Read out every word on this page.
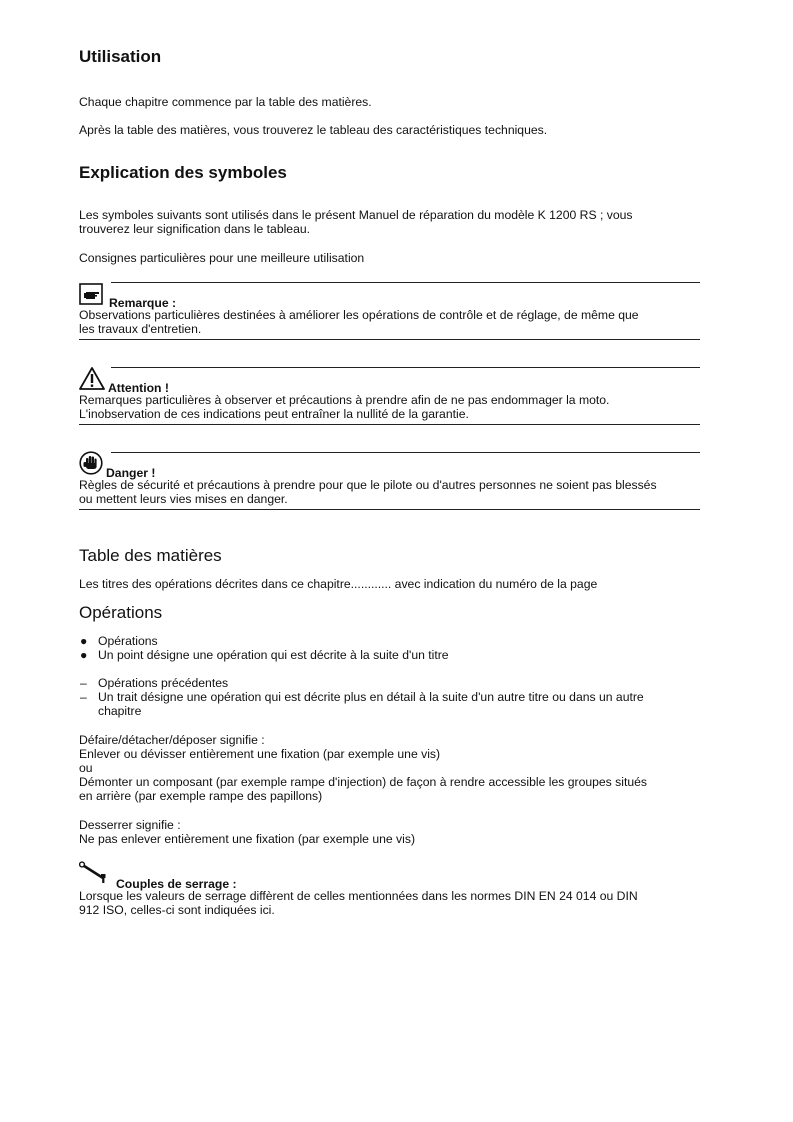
Utilisation

Chaque chapitre commence par la table des matières.

Après la table des matières, vous trouverez le tableau des caractéristiques techniques.

Explication des symboles
Les symboles suivants sont utilisés dans le présent Manuel de réparation du modèle K 1200 RS ; vous
trouverez leur signification dans le tableau.

Consignes particulières pour une meilleure utilisation

Remarque :
Observations particulières destinées à améliorer les opérations de contrôle et de réglage, de même que
les travaux d'entretien.
Attention !
Remarques particulières à observer et précautions à prendre afin de ne pas endommager la moto.
L'inobservation de ces indications peut entraîner la nullité de la garantie.
Danger !
Règles de sécurité et précautions à prendre pour que le pilote ou d'autres personnes ne soient pas blessés
ou mettent leurs vies mises en danger.
Table des matières

Les titres des opérations décrites dans ce chapitre............ avec indication du numéro de la page

Opérations
● Opérations
● Un point désigne une opération qui est décrite à la suite d'un titre
– Opérations précédentes
– Un trait désigne une opération qui est décrite plus en détail à la suite d'un autre titre ou dans un autre
chapitre
Défaire/détacher/déposer signifie :
Enlever ou dévisser entièrement une fixation (par exemple une vis)
ou
Démonter un composant (par exemple rampe d'injection) de façon à rendre accessible les groupes situés
en arrière (par exemple rampe des papillons)
Desserrer signifie :
Ne pas enlever entièrement une fixation (par exemple une vis)
Couples de serrage :
Lorsque les valeurs de serrage diffèrent de celles mentionnées dans les normes DIN EN 24 014 ou DIN
912 ISO, celles-ci sont indiquées ici.
